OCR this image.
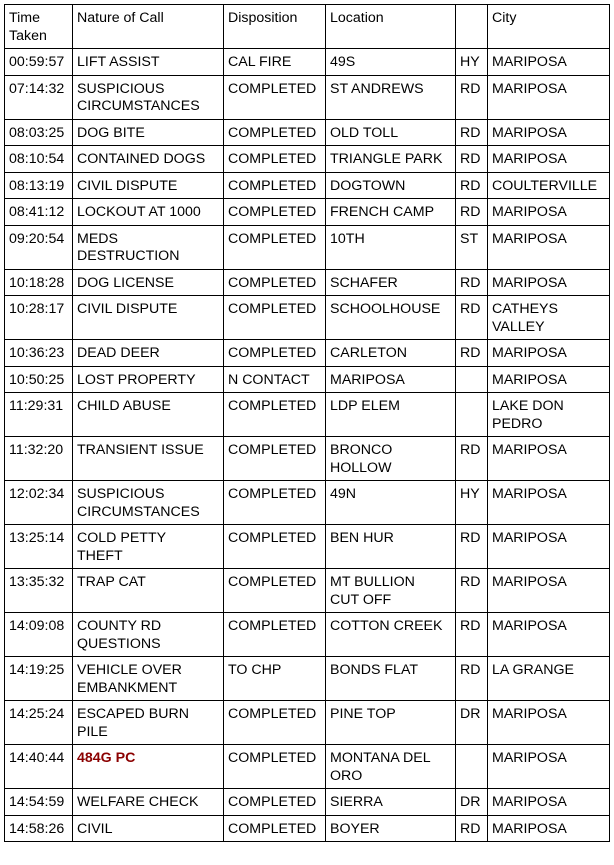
Time
Taken	Nature of Call	Disposition	Location		City
00:59:57	LIFT ASSIST	CAL FIRE	49S	HY	MARIPOSA
07:14:32	SUSPICIOUS
CIRCUMSTANCES	COMPLETED	ST ANDREWS	RD	MARIPOSA
08:03:25	DOG BITE	COMPLETED	OLD TOLL	RD	MARIPOSA
08:10:54	CONTAINED DOGS	COMPLETED	TRIANGLE PARK	RD	MARIPOSA
08:13:19	CIVIL DISPUTE	COMPLETED	DOGTOWN	RD	COULTERVILLE
08:41:12	LOCKOUT AT 1000	COMPLETED	FRENCH CAMP	RD	MARIPOSA
09:20:54	MEDS
DESTRUCTION	COMPLETED	10TH	ST	MARIPOSA
10:18:28	DOG LICENSE	COMPLETED	SCHAFER	RD	MARIPOSA
10:28:17	CIVIL DISPUTE	COMPLETED	SCHOOLHOUSE	RD	CATHEYS
VALLEY
10:36:23	DEAD DEER	COMPLETED	CARLETON	RD	MARIPOSA
10:50:25	LOST PROPERTY	N CONTACT	MARIPOSA		MARIPOSA
11:29:31	CHILD ABUSE	COMPLETED	LDP ELEM		LAKE DON
PEDRO
11:32:20	TRANSIENT ISSUE	COMPLETED	BRONCO
HOLLOW	RD	MARIPOSA
12:02:34	SUSPICIOUS
CIRCUMSTANCES	COMPLETED	49N	HY	MARIPOSA
13:25:14	COLD PETTY
THEFT	COMPLETED	BEN HUR	RD	MARIPOSA
13:35:32	TRAP CAT	COMPLETED	MT BULLION
CUT OFF	RD	MARIPOSA
14:09:08	COUNTY RD
QUESTIONS	COMPLETED	COTTON CREEK	RD	MARIPOSA
14:19:25	VEHICLE OVER
EMBANKMENT	TO CHP	BONDS FLAT	RD	LA GRANGE
14:25:24	ESCAPED BURN
PILE	COMPLETED	PINE TOP	DR	MARIPOSA
14:40:44	484G PC	COMPLETED	MONTANA DEL
ORO		MARIPOSA
14:54:59	WELFARE CHECK	COMPLETED	SIERRA	DR	MARIPOSA
14:58:26	CIVIL	COMPLETED	BOYER	RD	MARIPOSA
